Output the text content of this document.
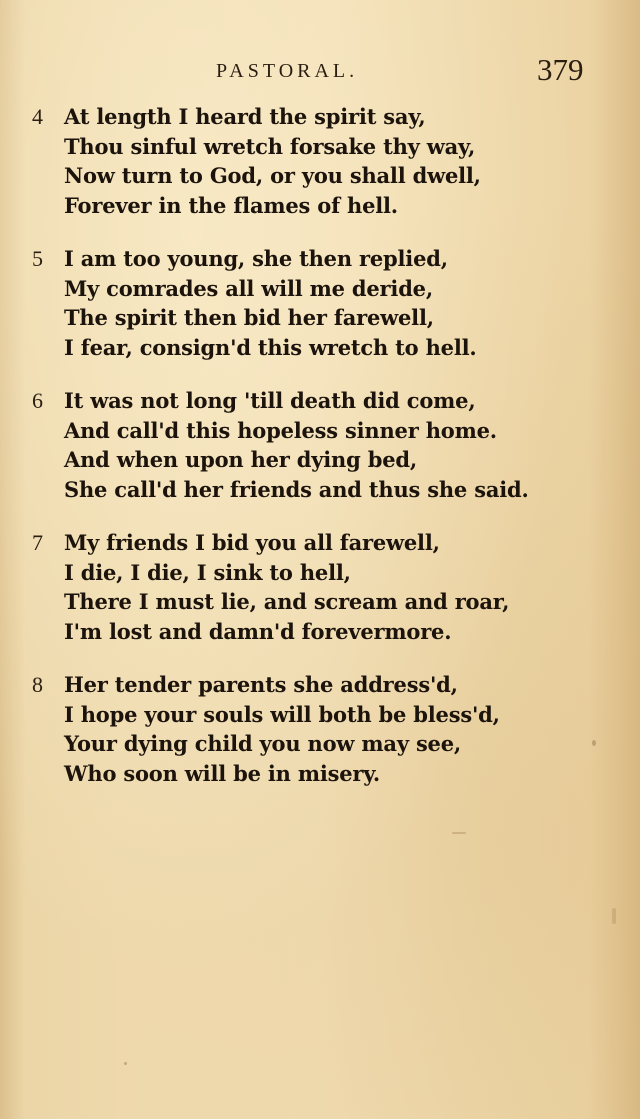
PASTORAL.	379
4	At length I heard the spirit say,
Thou sinful wretch forsake thy way,
Now turn to God, or you shall dwell,
Forever in the flames of hell.
5	I am too young, she then replied,
My comrades all will me deride,
The spirit then bid her farewell,
I fear, consign'd this wretch to hell.
6	It was not long 'till death did come,
And call'd this hopeless sinner home.
And when upon her dying bed,
She call'd her friends and thus she said.
7	My friends I bid you all farewell,
I die, I die, I sink to hell,
There I must lie, and scream and roar,
I'm lost and damn'd forevermore.
8	Her tender parents she address'd,
I hope your souls will both be bless'd,
Your dying child you now may see,
Who soon will be in misery.
